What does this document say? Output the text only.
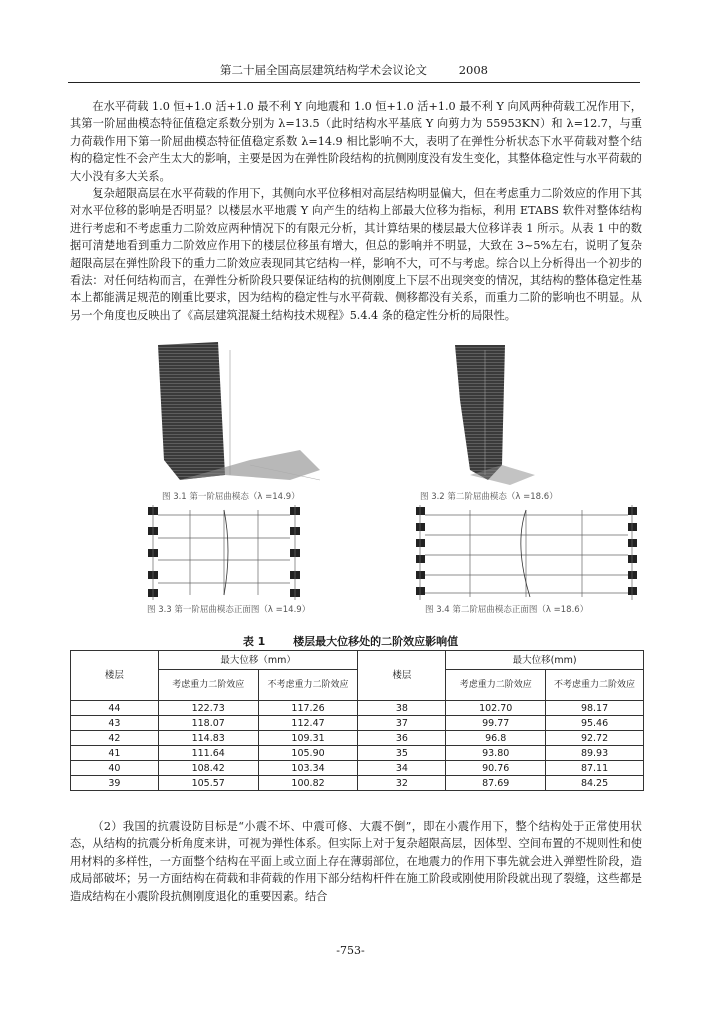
第二十届全国高层建筑结构学术会议论文	2008

在水平荷载 1.0 恒+1.0 活+1.0 最不利 Y 向地震和 1.0 恒+1.0 活+1.0 最不利 Y 向风两种荷载工况作用下，其第一阶屈曲模态特征值稳定系数分别为 λ=13.5（此时结构水平基底 Y 向剪力为 55953KN）和 λ=12.7，与重力荷载作用下第一阶屈曲模态特征值稳定系数 λ=14.9 相比影响不大，表明了在弹性分析状态下水平荷载对整个结构的稳定性不会产生太大的影响，主要是因为在弹性阶段结构的抗侧刚度没有发生变化，其整体稳定性与水平荷载的大小没有多大关系。

复杂超限高层在水平荷载的作用下，其侧向水平位移相对高层结构明显偏大，但在考虑重力二阶效应的作用下其对水平位移的影响是否明显？以楼层水平地震 Y 向产生的结构上部最大位移为指标，利用 ETABS 软件对整体结构进行考虑和不考虑重力二阶效应两种情况下的有限元分析，其计算结果的楼层最大位移详表 1 所示。从表 1 中的数据可清楚地看到重力二阶效应作用下的楼层位移虽有增大，但总的影响并不明显，大致在 3~5%左右，说明了复杂超限高层在弹性阶段下的重力二阶效应表现同其它结构一样，影响不大，可不与考虑。综合以上分析得出一个初步的看法：对任何结构而言，在弹性分析阶段只要保证结构的抗侧刚度上下层不出现突变的情况，其结构的整体稳定性基本上都能满足规范的刚重比要求，因为结构的稳定性与水平荷载、侧移都没有关系，而重力二阶的影响也不明显。从另一个角度也反映出了《高层建筑混凝土结构技术规程》5.4.4 条的稳定性分析的局限性。

图 3.1 第一阶屈曲模态（λ =14.9）	图 3.2 第二阶屈曲模态（λ =18.6）
图 3.3 第一阶屈曲模态正面图（λ =14.9）	图 3.4 第二阶屈曲模态正面图（λ =18.6）
表 1	楼层最大位移处的二阶效应影响值
楼层	最大位移（mm）		楼层	最大位移(mm)	
	考虑重力二阶效应	不考虑重力二阶效应		考虑重力二阶效应	不考虑重力二阶效应
44	122.73	117.26	38	102.70	98.17
43	118.07	112.47	37	99.77	95.46
42	114.83	109.31	36	96.8	92.72
41	111.64	105.90	35	93.80	89.93
40	108.42	103.34	34	90.76	87.11
39	105.57	100.82	32	87.69	84.25

（2）我国的抗震设防目标是“小震不坏、中震可修、大震不倒”，即在小震作用下，整个结构处于正常使用状态，从结构的抗震分析角度来讲，可视为弹性体系。但实际上对于复杂超限高层，因体型、空间布置的不规则性和使用材料的多样性，一方面整个结构在平面上或立面上存在薄弱部位，在地震力的作用下事先就会进入弹塑性阶段，造成局部破坏；另一方面结构在荷载和非荷载的作用下部分结构杆件在施工阶段或刚使用阶段就出现了裂缝，这些都是造成结构在小震阶段抗侧刚度退化的重要因素。结合

-753-
